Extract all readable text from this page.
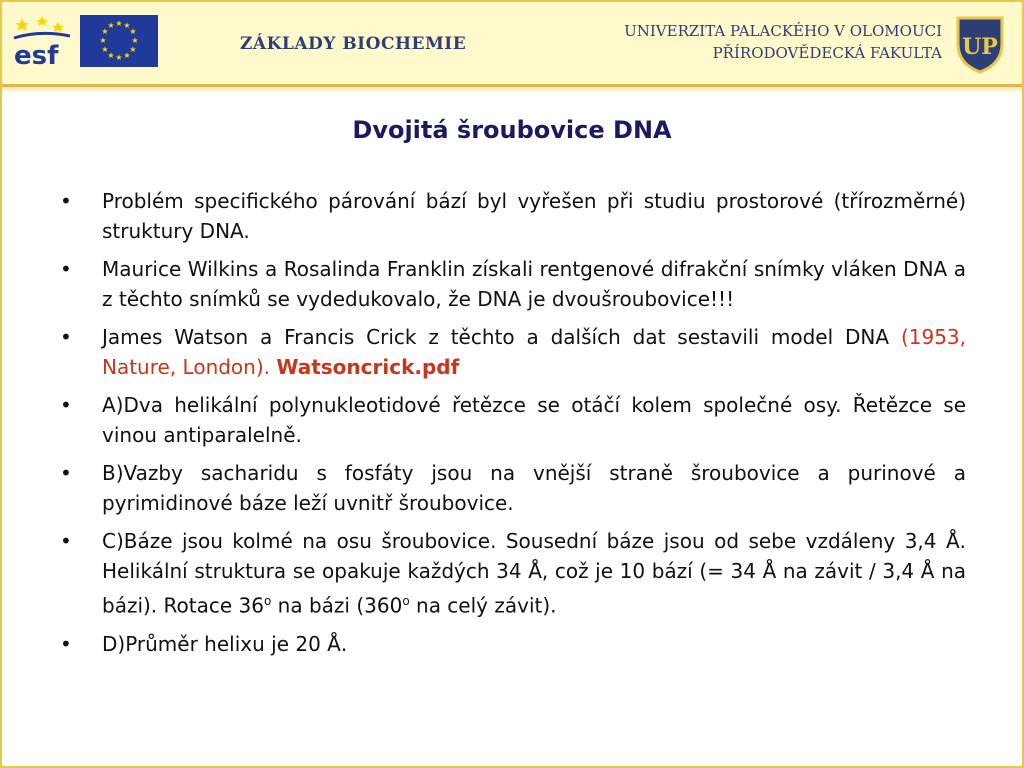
esf
★ ★
★
★
★
★
★
★
★
★
★
★
ZÁKLADY BIOCHEMIE
UNIVERZITA PALACKÉHO V OLOMOUCI
PŘÍRODOVĚDECKÁ FAKULTA UP
Dvojitá šroubovice DNA
•	Problém specifického párování bází byl vyřešen při studiu prostorové (třírozměrné) struktury DNA.
•	Maurice Wilkins a Rosalinda Franklin získali rentgenové difrakční snímky vláken DNA a z těchto snímků se vydedukovalo, že DNA je dvoušroubovice!!!
•	James Watson a Francis Crick z těchto a dalších dat sestavili model DNA (1953, Nature, London). Watsoncrick.pdf
•	A)Dva helikální polynukleotidové řetězce se otáčí kolem společné osy. Řetězce se vinou antiparalelně.
•	B)Vazby sacharidu s fosfáty jsou na vnější straně šroubovice a purinové a pyrimidinové báze leží uvnitř šroubovice.
•	C)Báze jsou kolmé na osu šroubovice. Sousední báze jsou od sebe vzdáleny 3,4 Å. Helikální struktura se opakuje každých 34 Å, což je 10 bází (= 34 Å na závit / 3,4 Å na bázi). Rotace 36$^o$ na bázi (360$^o$ na celý závit).
•	D)Průměr helixu je 20 Å.
